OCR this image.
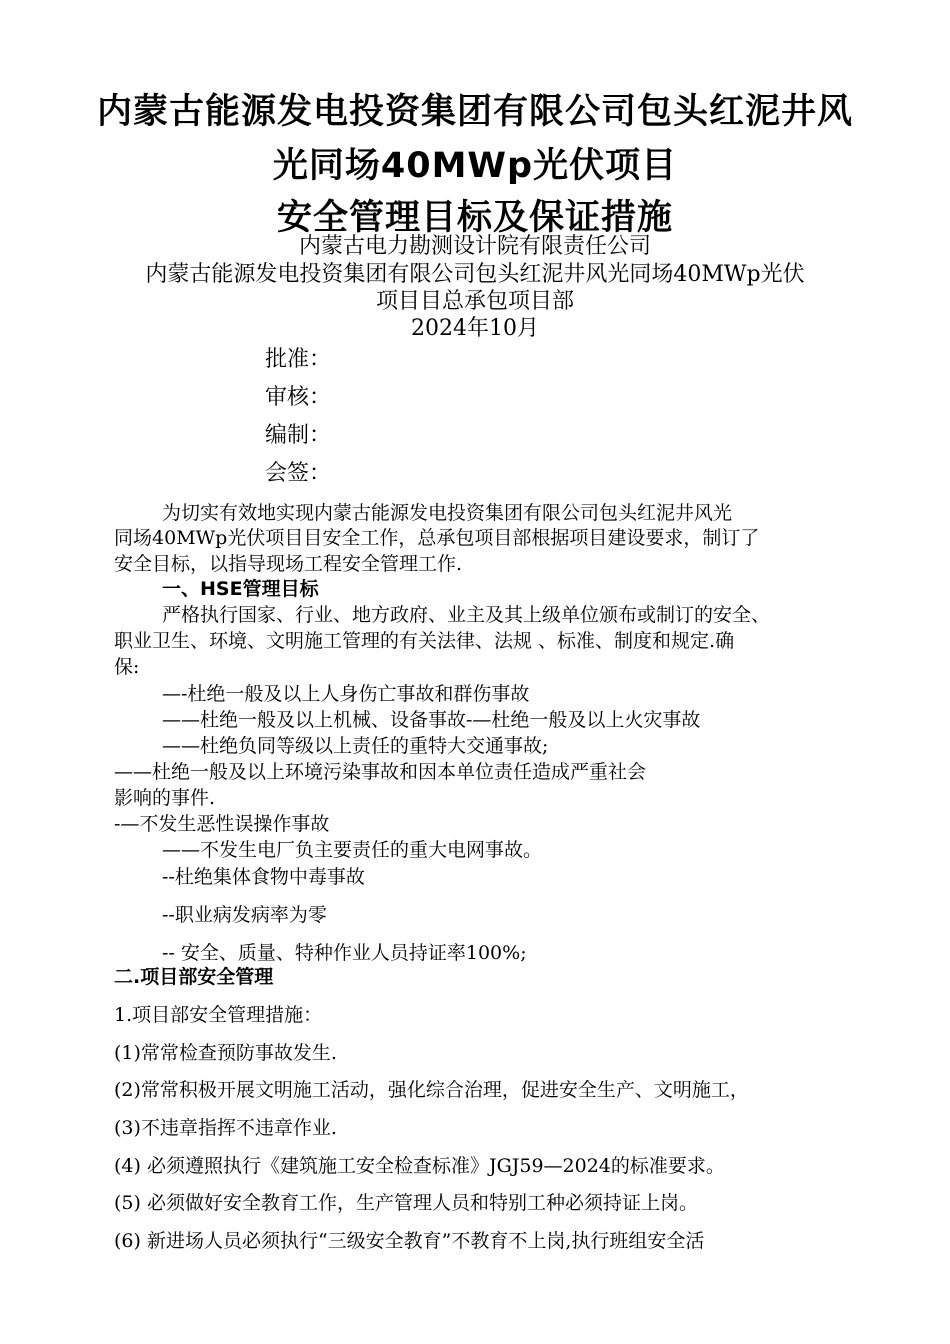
内蒙古能源发电投资集团有限公司包头红泥井风
光同场40MWp光伏项目
安全管理目标及保证措施
内蒙古电力勘测设计院有限责任公司
内蒙古能源发电投资集团有限公司包头红泥井风光同场40MWp光伏
项目目总承包项目部
2024年10月
批准：
审核：
编制：
会签：
为切实有效地实现内蒙古能源发电投资集团有限公司包头红泥井风光
同场40MWp光伏项目目安全工作，总承包项目部根据项目建设要求，制订了
安全目标，以指导现场工程安全管理工作.
一、HSE管理目标
严格执行国家、行业、地方政府、业主及其上级单位颁布或制订的安全、
职业卫生、环境、文明施工管理的有关法律、法规 、标准、制度和规定.确
保:
—-杜绝一般及以上人身伤亡事故和群伤事故
——杜绝一般及以上机械、设备事故-—杜绝一般及以上火灾事故
——杜绝负同等级以上责任的重特大交通事故;
——杜绝一般及以上环境污染事故和因本单位责任造成严重社会
影响的事件.
-—不发生恶性误操作事故
——不发生电厂负主要责任的重大电网事故。
--杜绝集体食物中毒事故
--职业病发病率为零
-- 安全、质量、特种作业人员持证率100%;
二.项目部安全管理
1.项目部安全管理措施：
(1)常常检查预防事故发生.
(2)常常积极开展文明施工活动，强化综合治理，促进安全生产、文明施工，
(3)不违章指挥不违章作业.
(4) 必须遵照执行《建筑施工安全检查标准》JGJ59—2024的标准要求。
(5) 必须做好安全教育工作，生产管理人员和特别工种必须持证上岗。
(6) 新进场人员必须执行“三级安全教育”不教育不上岗,执行班组安全活
